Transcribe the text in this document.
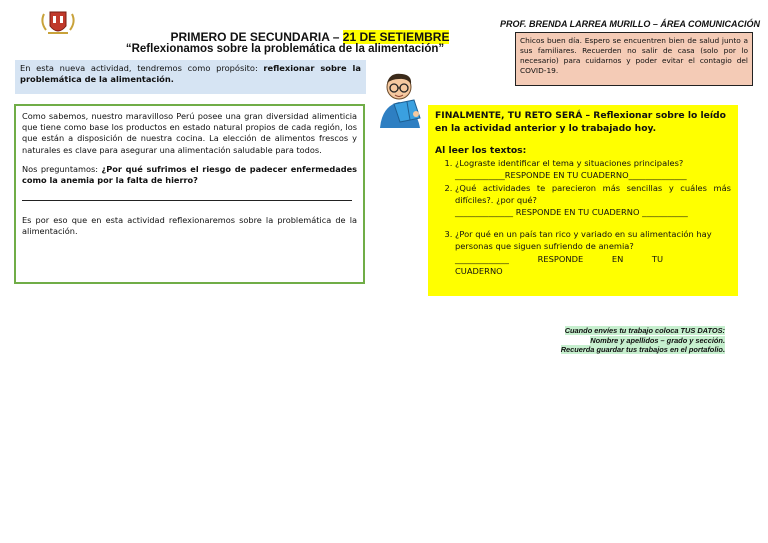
PRIMERO DE SECUNDARIA – 21 DE SETIEMBRE
“Reflexionamos sobre la problemática de la alimentación”
PROF. BRENDA LARREA MURILLO – ÁREA COMUNICACIÓN
Chicos buen día. Espero se encuentren bien de salud junto a sus familiares. Recuerden no salir de casa (solo por lo necesario) para cuidarnos y poder evitar el contagio del COVID-19.
En esta nueva actividad, tendremos como propósito: reflexionar sobre la problemática de la alimentación.

Como sabemos, nuestro maravilloso Perú posee una gran diversidad alimenticia que tiene como base los productos en estado natural propios de cada región, los que están a disposición de nuestra cocina. La elección de alimentos frescos y naturales es clave para asegurar una alimentación saludable para todos.

Nos preguntamos: ¿Por qué sufrimos el riesgo de padecer enfermedades como la anemia por la falta de hierro?

Es por eso que en esta actividad reflexionaremos sobre la problemática de la alimentación.

FINALMENTE, TU RETO SERÁ – Reflexionar sobre lo leído en la actividad anterior y lo trabajado hoy.
Al leer los textos:
1. ¿Lograste identificar el tema y situaciones principales?
____________RESPONDE EN TU CUADERNO______________
2. ¿Qué actividades te parecieron más sencillas y cuáles más difíciles?. ¿por qué?
______________ RESPONDE EN TU CUADERNO ___________
3. ¿Por qué en un país tan rico y variado en su alimentación hay personas que siguen sufriendo de anemia?
_____________ RESPONDE EN TU CUADERNO
Cuando envíes tu trabajo coloca TUS DATOS: Nombre y apellidos – grado y sección.
Recuerda guardar tus trabajos en el portafolio.
